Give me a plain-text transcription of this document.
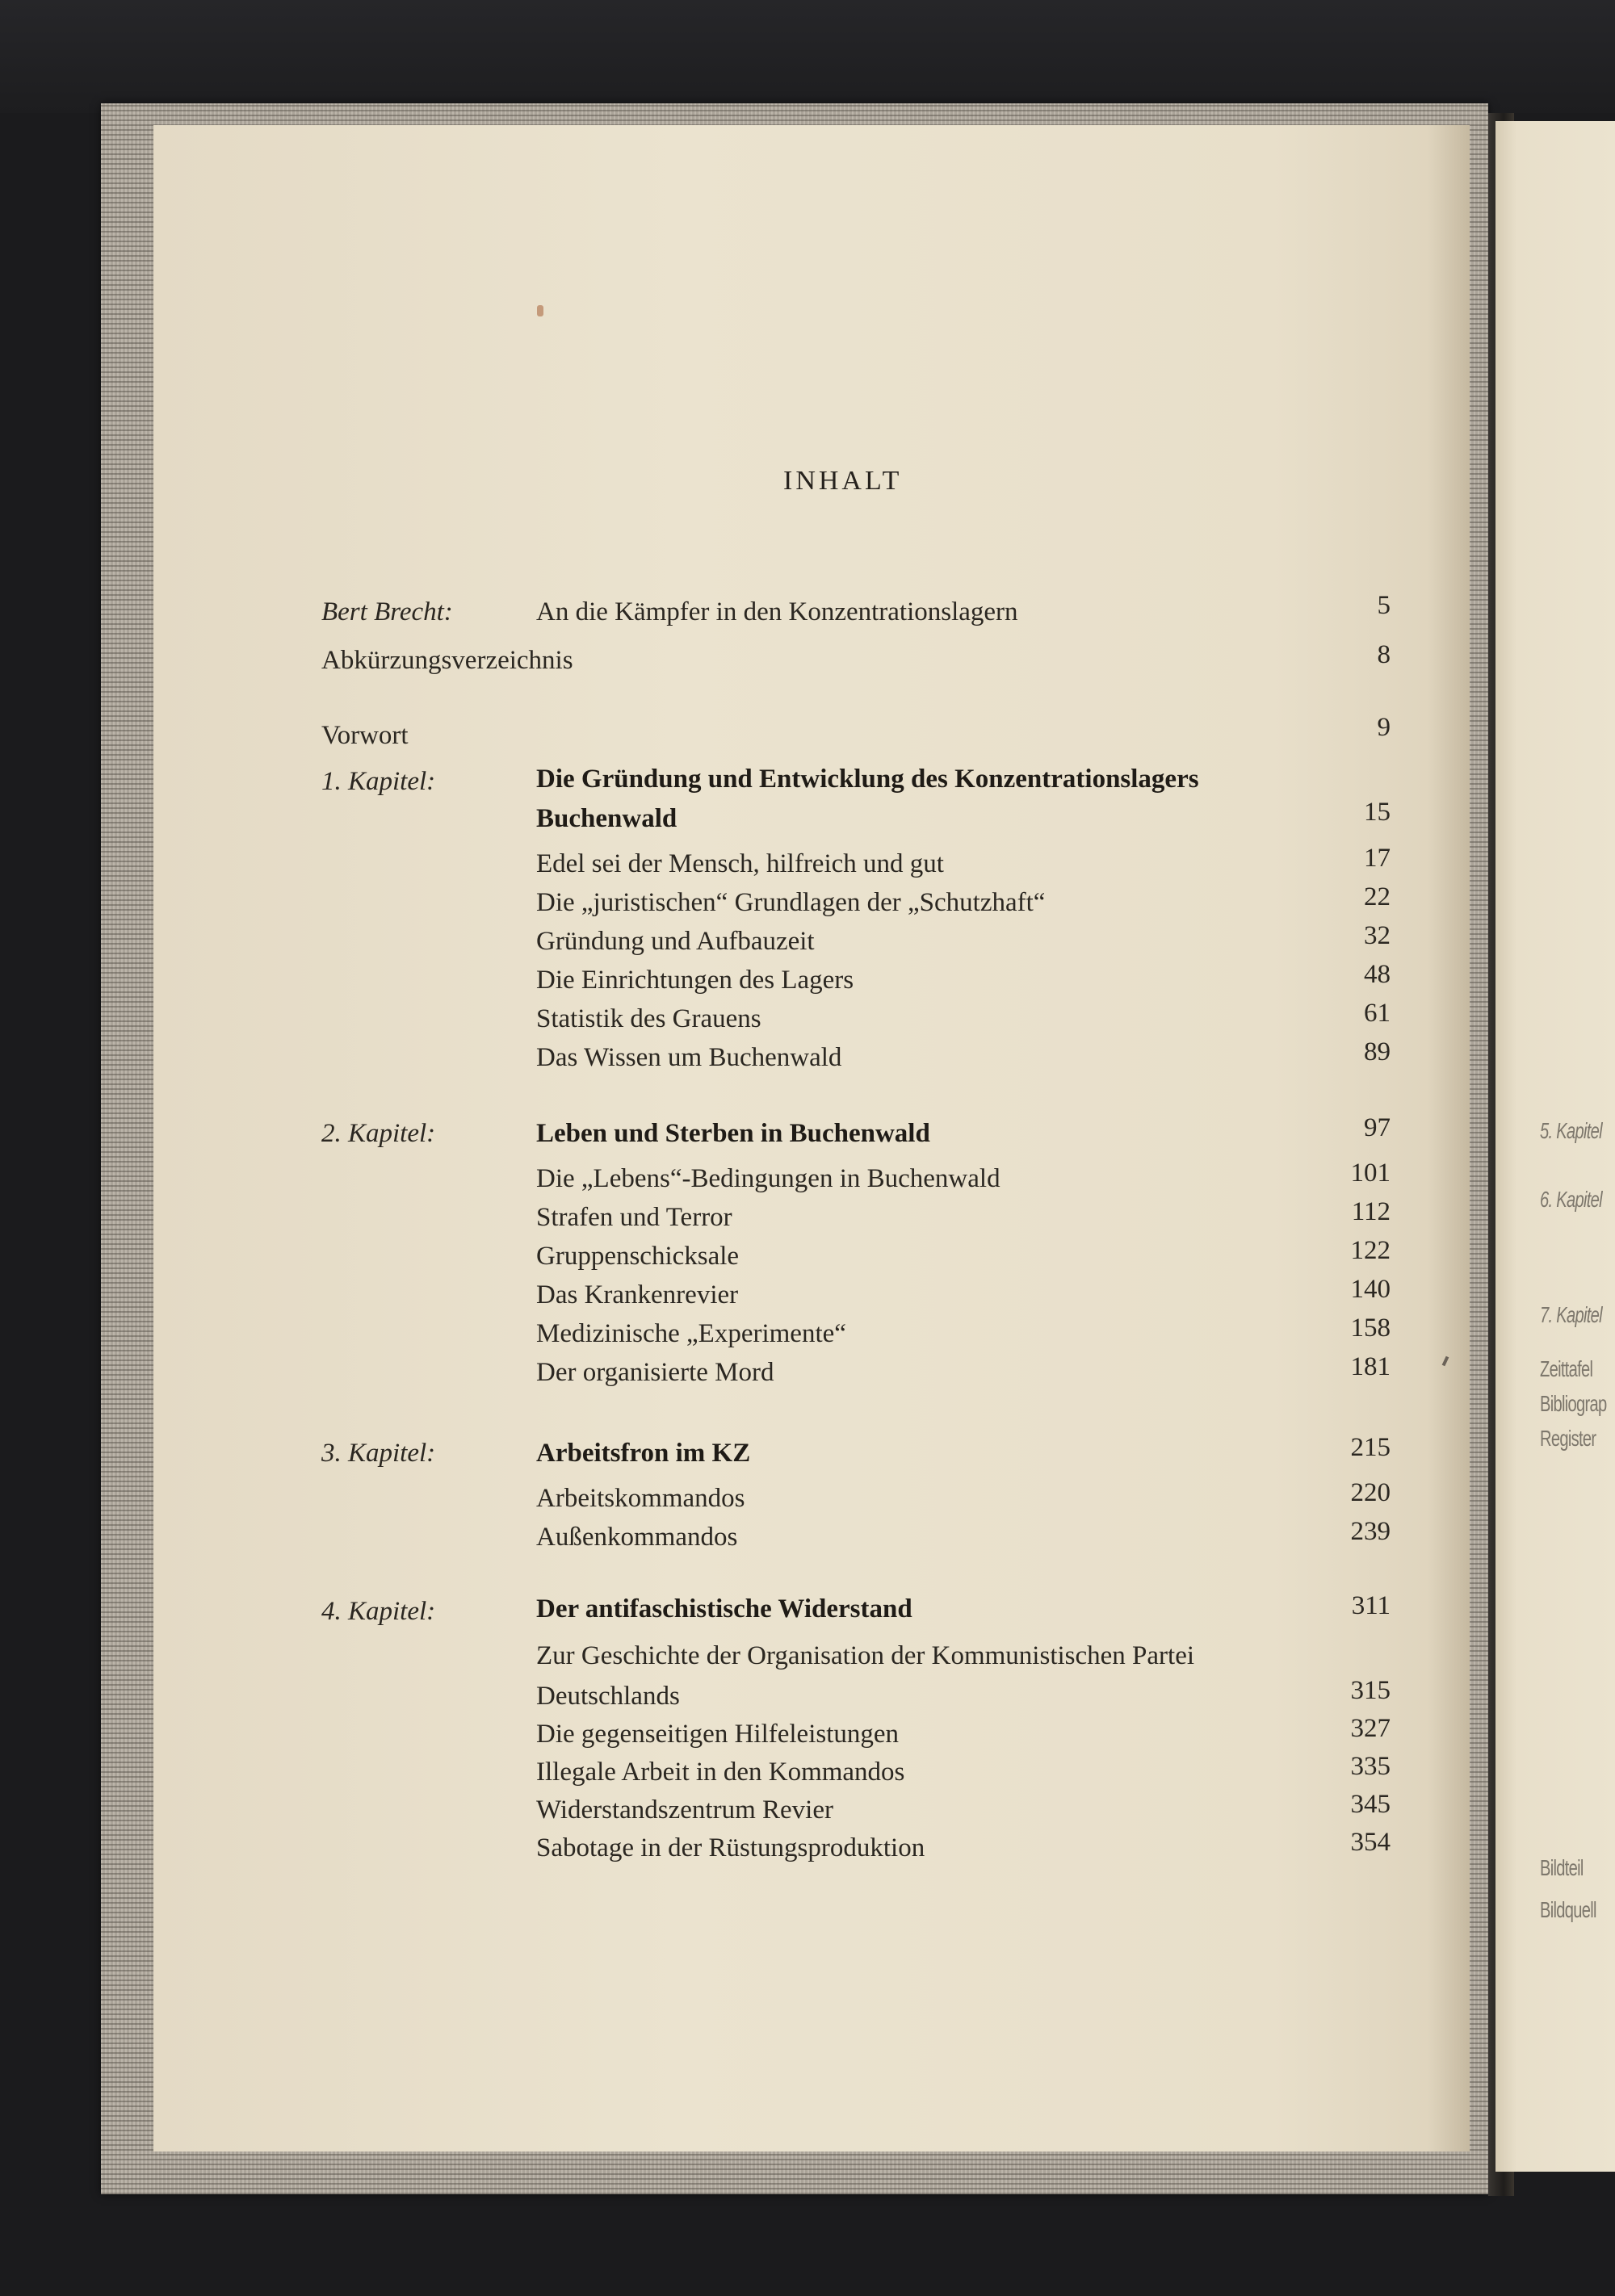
5. Kapitel
6. Kapitel
7. Kapitel
Zeittafel
Bibliograp
Register
Bildteil
Bildquell
INHALT
Bert Brecht:	An die Kämpfer in den Konzentrationslagern	5
Abkürzungsverzeichnis	8
Vorwort	9
1. Kapitel:	Die Gründung und Entwicklung des Konzentrationslagers
Buchenwald	15
Edel sei der Mensch, hilfreich und gut	17
Die „juristischen“ Grundlagen der „Schutzhaft“	22
Gründung und Aufbauzeit	32
Die Einrichtungen des Lagers	48
Statistik des Grauens	61
Das Wissen um Buchenwald	89
2. Kapitel:	Leben und Sterben in Buchenwald	97
Die „Lebens“-Bedingungen in Buchenwald	101
Strafen und Terror	112
Gruppenschicksale	122
Das Krankenrevier	140
Medizinische „Experimente“	158
Der organisierte Mord	181
3. Kapitel:	Arbeitsfron im KZ	215
Arbeitskommandos	220
Außenkommandos	239
4. Kapitel:	Der antifaschistische Widerstand	311
Zur Geschichte der Organisation der Kommunistischen Partei
Deutschlands	315
Die gegenseitigen Hilfeleistungen	327
Illegale Arbeit in den Kommandos	335
Widerstandszentrum Revier	345
Sabotage in der Rüstungsproduktion	354
